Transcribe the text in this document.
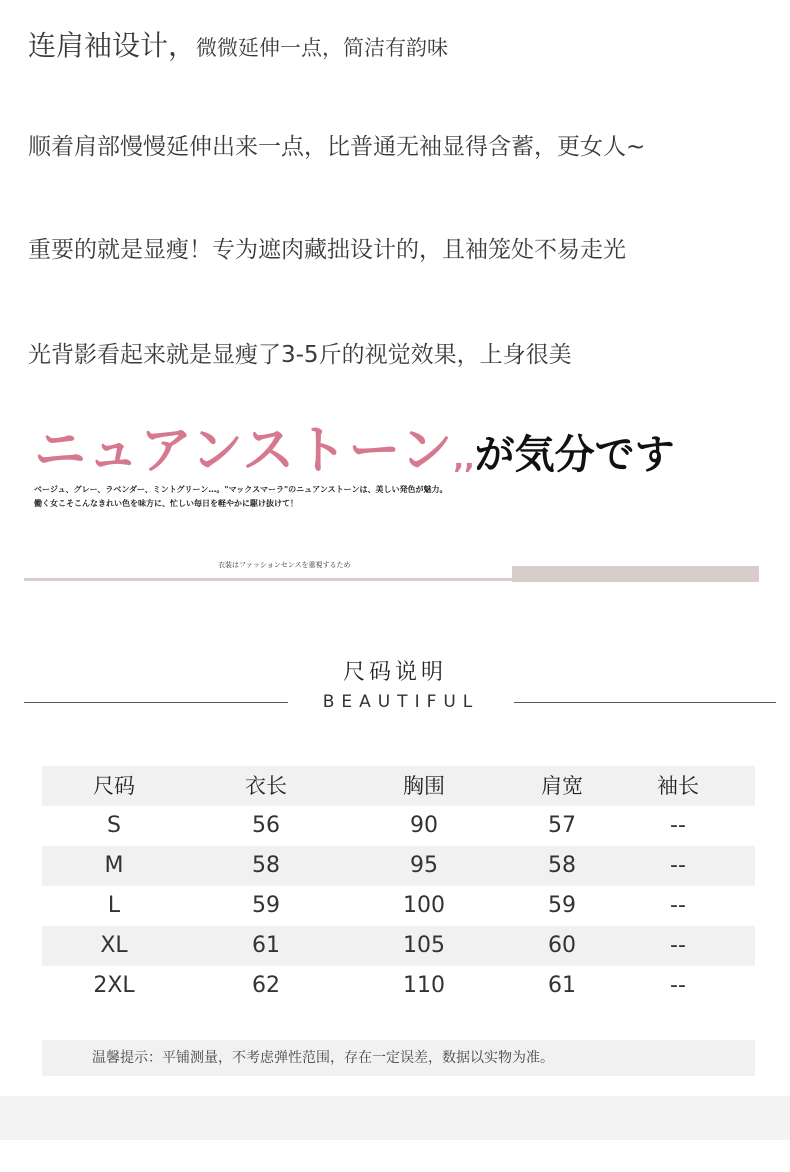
连肩袖设计，微微延伸一点，简洁有韵味
顺着肩部慢慢延伸出来一点，比普通无袖显得含蓄，更女人~
重要的就是显瘦！专为遮肉藏拙设计的，且袖笼处不易走光
光背影看起来就是显瘦了3-5斤的视觉效果，上身很美
ニュアンストーン,,が気分です
ベージュ、グレー、ラベンダー、ミントグリーン…。"マックスマーラ"のニュアンストーンは、美しい発色が魅力。
働く女こそこんなきれい色を味方に、忙しい毎日を軽やかに駆け抜けて！
衣装はファッションセンスを重視するため
尺码说明
BEAUTIFUL
尺码	衣长	胸围	肩宽	袖长
S	56	90	57	--
M	58	95	58	--
L	59	100	59	--
XL	61	105	60	--
2XL	62	110	61	--
温馨提示：平铺测量，不考虑弹性范围，存在一定误差，数据以实物为准。
